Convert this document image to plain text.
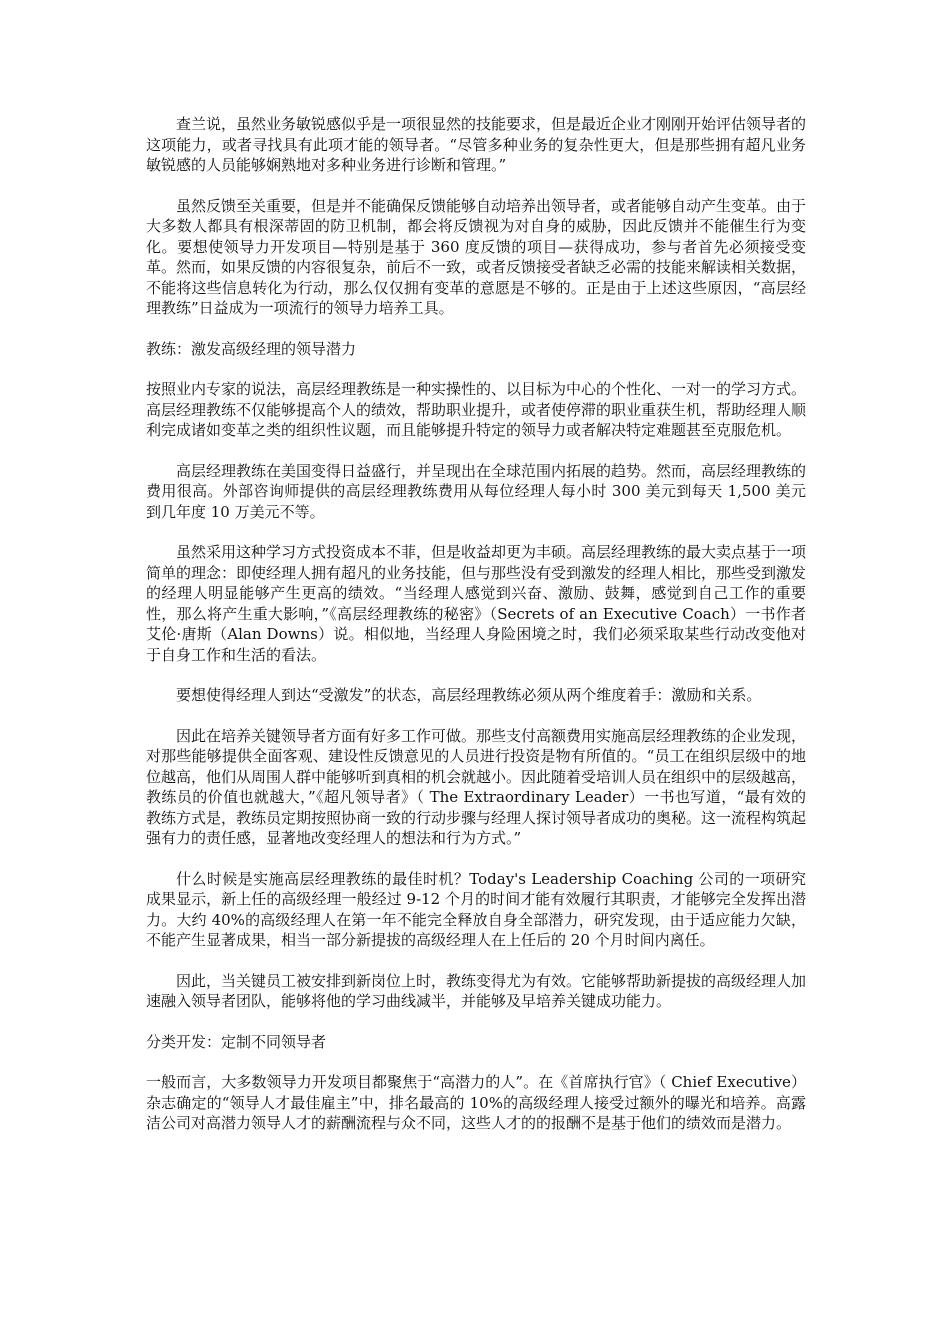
查兰说，虽然业务敏锐感似乎是一项很显然的技能要求，但是最近企业才刚刚开始评估领导者的这项能力，或者寻找具有此项才能的领导者。“尽管多种业务的复杂性更大，但是那些拥有超凡业务敏锐感的人员能够娴熟地对多种业务进行诊断和管理。”

虽然反馈至关重要，但是并不能确保反馈能够自动培养出领导者，或者能够自动产生变革。由于大多数人都具有根深蒂固的防卫机制，都会将反馈视为对自身的威胁，因此反馈并不能催生行为变化。要想使领导力开发项目—特别是基于 360 度反馈的项目—获得成功，参与者首先必须接受变革。然而，如果反馈的内容很复杂，前后不一致，或者反馈接受者缺乏必需的技能来解读相关数据，不能将这些信息转化为行动，那么仅仅拥有变革的意愿是不够的。正是由于上述这些原因，“高层经理教练”日益成为一项流行的领导力培养工具。

教练：激发高级经理的领导潜力

按照业内专家的说法，高层经理教练是一种实操性的、以目标为中心的个性化、一对一的学习方式。高层经理教练不仅能够提高个人的绩效，帮助职业提升，或者使停滞的职业重获生机，帮助经理人顺利完成诸如变革之类的组织性议题，而且能够提升特定的领导力或者解决特定难题甚至克服危机。

高层经理教练在美国变得日益盛行，并呈现出在全球范围内拓展的趋势。然而，高层经理教练的费用很高。外部咨询师提供的高层经理教练费用从每位经理人每小时 300 美元到每天 1,500 美元到几年度 10 万美元不等。

虽然采用这种学习方式投资成本不菲，但是收益却更为丰硕。高层经理教练的最大卖点基于一项简单的理念：即使经理人拥有超凡的业务技能，但与那些没有受到激发的经理人相比，那些受到激发的经理人明显能够产生更高的绩效。“当经理人感觉到兴奋、激励、鼓舞，感觉到自己工作的重要性，那么将产生重大影响，”《高层经理教练的秘密》（Secrets of an Executive Coach）一书作者艾伦·唐斯（Alan Downs）说。相似地，当经理人身险困境之时，我们必须采取某些行动改变他对于自身工作和生活的看法。

要想使得经理人到达“受激发”的状态，高层经理教练必须从两个维度着手：激励和关系。

因此在培养关键领导者方面有好多工作可做。那些支付高额费用实施高层经理教练的企业发现，对那些能够提供全面客观、建设性反馈意见的人员进行投资是物有所值的。“员工在组织层级中的地位越高，他们从周围人群中能够听到真相的机会就越小。因此随着受培训人员在组织中的层级越高，教练员的价值也就越大，”《超凡领导者》（ The Extraordinary Leader）一书也写道，“最有效的教练方式是，教练员定期按照协商一致的行动步骤与经理人探讨领导者成功的奥秘。这一流程构筑起强有力的责任感，显著地改变经理人的想法和行为方式。”

什么时候是实施高层经理教练的最佳时机？Today's Leadership Coaching 公司的一项研究成果显示，新上任的高级经理一般经过 9-12 个月的时间才能有效履行其职责，才能够完全发挥出潜力。大约 40%的高级经理人在第一年不能完全释放自身全部潜力，研究发现，由于适应能力欠缺，不能产生显著成果，相当一部分新提拔的高级经理人在上任后的 20 个月时间内离任。

因此，当关键员工被安排到新岗位上时，教练变得尤为有效。它能够帮助新提拔的高级经理人加速融入领导者团队，能够将他的学习曲线减半，并能够及早培养关键成功能力。

分类开发：定制不同领导者

一般而言，大多数领导力开发项目都聚焦于“高潜力的人”。在《首席执行官》（ Chief Executive）杂志确定的“领导人才最佳雇主”中，排名最高的 10%的高级经理人接受过额外的曝光和培养。高露洁公司对高潜力领导人才的薪酬流程与众不同，这些人才的的报酬不是基于他们的绩效而是潜力。
